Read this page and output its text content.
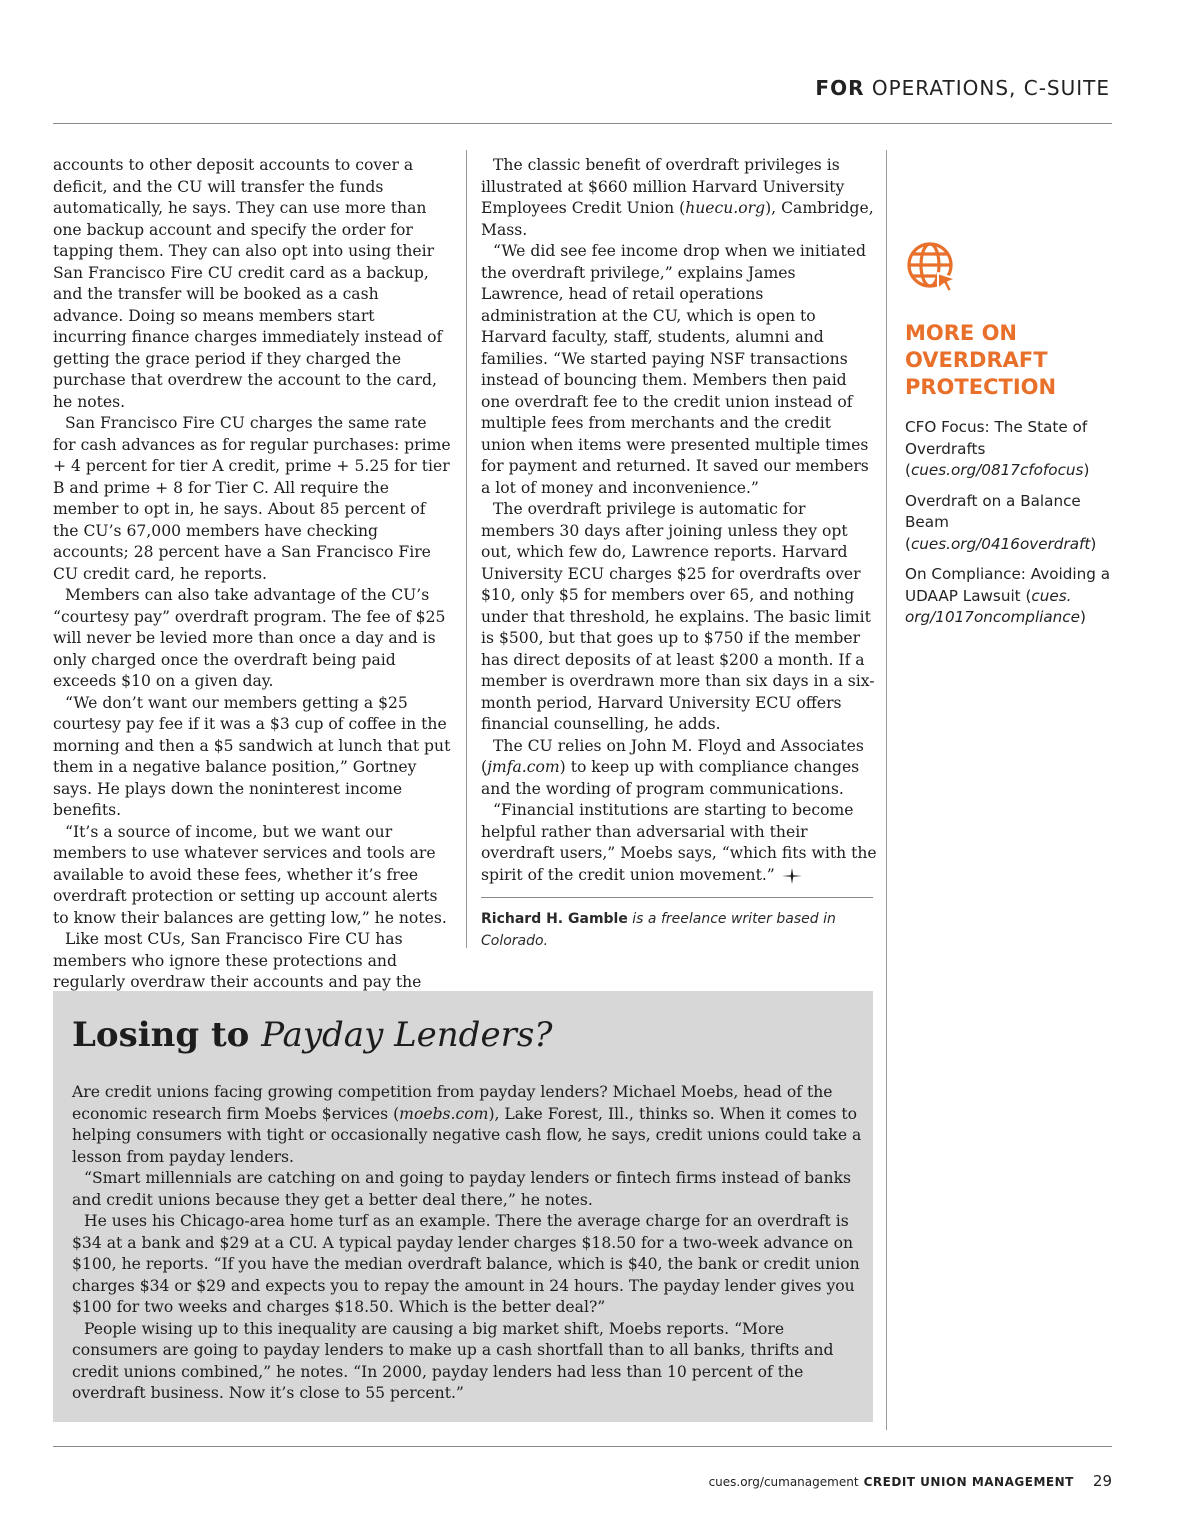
FOR OPERATIONS, C-SUITE

accounts to other deposit accounts to cover a deficit, and the CU will transfer the funds automatically, he says. They can use more than one backup account and specify the order for tapping them. They can also opt into using their San Francisco Fire CU credit card as a backup, and the transfer will be booked as a cash advance. Doing so means members start incurring finance charges immediately instead of getting the grace period if they charged the purchase that overdrew the account to the card, he notes.

San Francisco Fire CU charges the same rate for cash advances as for regular purchases: prime + 4 percent for tier A credit, prime + 5.25 for tier B and prime + 8 for Tier C. All require the member to opt in, he says. About 85 percent of the CU’s 67,000 members have checking accounts; 28 percent have a San Francisco Fire CU credit card, he reports.

Members can also take advantage of the CU’s “courtesy pay” overdraft program. The fee of $25 will never be levied more than once a day and is only charged once the overdraft being paid exceeds $10 on a given day.

“We don’t want our members getting a $25 courtesy pay fee if it was a $3 cup of coffee in the morning and then a $5 sandwich at lunch that put them in a negative balance position,” Gortney says. He plays down the noninterest income benefits.

“It’s a source of income, but we want our members to use whatever services and tools are available to avoid these fees, whether it’s free overdraft protection or setting up account alerts to know their balances are getting low,” he notes.

Like most CUs, San Francisco Fire CU has members who ignore these protections and regularly overdraw their accounts and pay the

The classic benefit of overdraft privileges is illustrated at $660 million Harvard University Employees Credit Union (huecu.org), Cambridge, Mass.

“We did see fee income drop when we initiated the overdraft privilege,” explains James Lawrence, head of retail operations administration at the CU, which is open to Harvard faculty, staff, students, alumni and families. “We started paying NSF transactions instead of bouncing them. Members then paid one overdraft fee to the credit union instead of multiple fees from merchants and the credit union when items were presented multiple times for payment and returned. It saved our members a lot of money and inconvenience.”

The overdraft privilege is automatic for members 30 days after joining unless they opt out, which few do, Lawrence reports. Harvard University ECU charges $25 for overdrafts over $10, only $5 for members over 65, and nothing under that threshold, he explains. The basic limit is $500, but that goes up to $750 if the member has direct deposits of at least $200 a month. If a member is overdrawn more than six days in a six-month period, Harvard University ECU offers financial counselling, he adds.

The CU relies on John M. Floyd and Associates (jmfa.com) to keep up with compliance changes and the wording of program communications.

“Financial institutions are starting to become helpful rather than adversarial with their overdraft users,” Moebs says, “which fits with the spirit of the credit union movement.”

Richard H. Gamble is a freelance writer based in Colorado.
MORE ON OVERDRAFT PROTECTION
CFO Focus: The State of Overdrafts (cues.org/0817cfofocus)
Overdraft on a Balance Beam (cues.org/0416overdraft)
On Compliance: Avoiding a UDAAP Lawsuit (cues. org/1017oncompliance)
Losing to Payday Lenders?

Are credit unions facing growing competition from payday lenders? Michael Moebs, head of the economic research firm Moebs $ervices (moebs.com), Lake Forest, Ill., thinks so. When it comes to helping consumers with tight or occasionally negative cash flow, he says, credit unions could take a lesson from payday lenders.

“Smart millennials are catching on and going to payday lenders or fintech firms instead of banks and credit unions because they get a better deal there,” he notes.

He uses his Chicago-area home turf as an example. There the average charge for an overdraft is $34 at a bank and $29 at a CU. A typical payday lender charges $18.50 for a two-week advance on $100, he reports. “If you have the median overdraft balance, which is $40, the bank or credit union charges $34 or $29 and expects you to repay the amount in 24 hours. The payday lender gives you $100 for two weeks and charges $18.50. Which is the better deal?”

People wising up to this inequality are causing a big market shift, Moebs reports. “More consumers are going to payday lenders to make up a cash shortfall than to all banks, thrifts and credit unions combined,” he notes. “In 2000, payday lenders had less than 10 percent of the overdraft business. Now it’s close to 55 percent.”

cues.org/cumanagement CREDIT UNION MANAGEMENT 29
